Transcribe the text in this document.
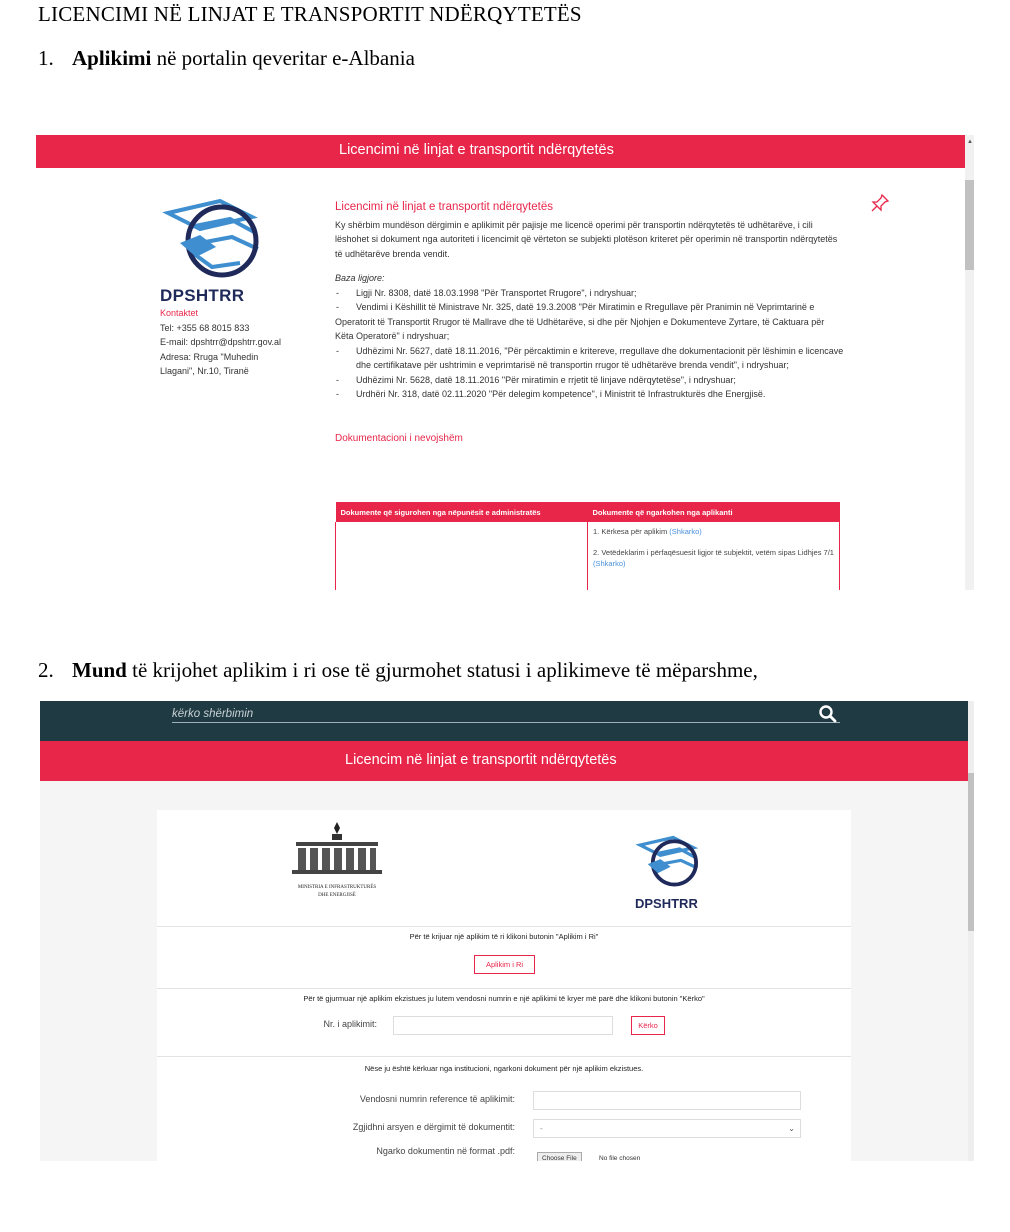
LICENCIMI NË LINJAT E TRANSPORTIT NDËRQYTETËS
1. Aplikimi në portalin qeveritar e-Albania
Licencimi në linjat e transportit ndërqytetës	▲
DPSHTRR
Kontaktet
Tel: +355 68 8015 833
E-mail: dpshtrr@dpshtrr.gov.al
Adresa: Rruga "Muhedin
Llagani", Nr.10, Tiranë
Licencimi në linjat e transportit ndërqytetës
Ky shërbim mundëson dërgimin e aplikimit për pajisje me licencë operimi për transportin ndërqytetës të udhëtarëve, i cili lëshohet si dokument nga autoriteti i licencimit që vërteton se subjekti plotëson kriteret për operimin në transportin ndërqytetës të udhëtarëve brenda vendit.
Baza ligjore:
- Ligji Nr. 8308, datë 18.03.1998 "Për Transportet Rrugore", i ndryshuar;
- Vendimi i Këshillit të Ministrave Nr. 325, datë 19.3.2008 "Për Miratimin e Rregullave për Pranimin në Veprimtarinë e Operatorit të Transportit Rrugor të Mallrave dhe të Udhëtarëve, si dhe për Njohjen e Dokumenteve Zyrtare, të Caktuara për Këta Operatorë" i ndryshuar;
- Udhëzimi Nr. 5627, datë 18.11.2016, "Për përcaktimin e kritereve, rregullave dhe dokumentacionit për lëshimin e licencave dhe certifikatave për ushtrimin e veprimtarisë në transportin rrugor të udhëtarëve brenda vendit", i ndryshuar;
- Udhëzimi Nr. 5628, datë 18.11.2016 "Për miratimin e rrjetit të linjave ndërqytetëse", i ndryshuar;
- Urdhëri Nr. 318, datë 02.11.2020 "Për delegim kompetence", i Ministrit të Infrastrukturës dhe Energjisë.
Dokumentacioni i nevojshëm
Dokumente që sigurohen nga nëpunësit e administratës	Dokumente që ngarkohen nga aplikanti

	1. Kërkesa për aplikim (Shkarko)
2. Vetëdeklarim i përfaqësuesit ligjor të subjektit, vetëm sipas Lidhjes 7/1 (Shkarko)
2. Mund të krijohet aplikim i ri ose të gjurmohet statusi i aplikimeve të mëparshme,
kërko shërbimin
Licencim në linjat e transportit ndërqytetës
MINISTRIA E INFRASTRUKTURËS
DHE ENERGJISË
DPSHTRR
Për të krijuar një aplikim të ri klikoni butonin "Aplikim i Ri"
Aplikim i Ri
Për të gjurmuar një aplikim ekzistues ju lutem vendosni numrin e një aplikimi të kryer më parë dhe klikoni butonin "Kërko"
Nr. i aplikimit:	Kërko
Nëse ju është kërkuar nga institucioni, ngarkoni dokument për një aplikim ekzistues.
Vendosni numrin reference të aplikimit:
Zgjidhni arsyen e dërgimit të dokumentit:	-	⌄
Ngarko dokumentin në format .pdf:
Choose File	No file chosen
